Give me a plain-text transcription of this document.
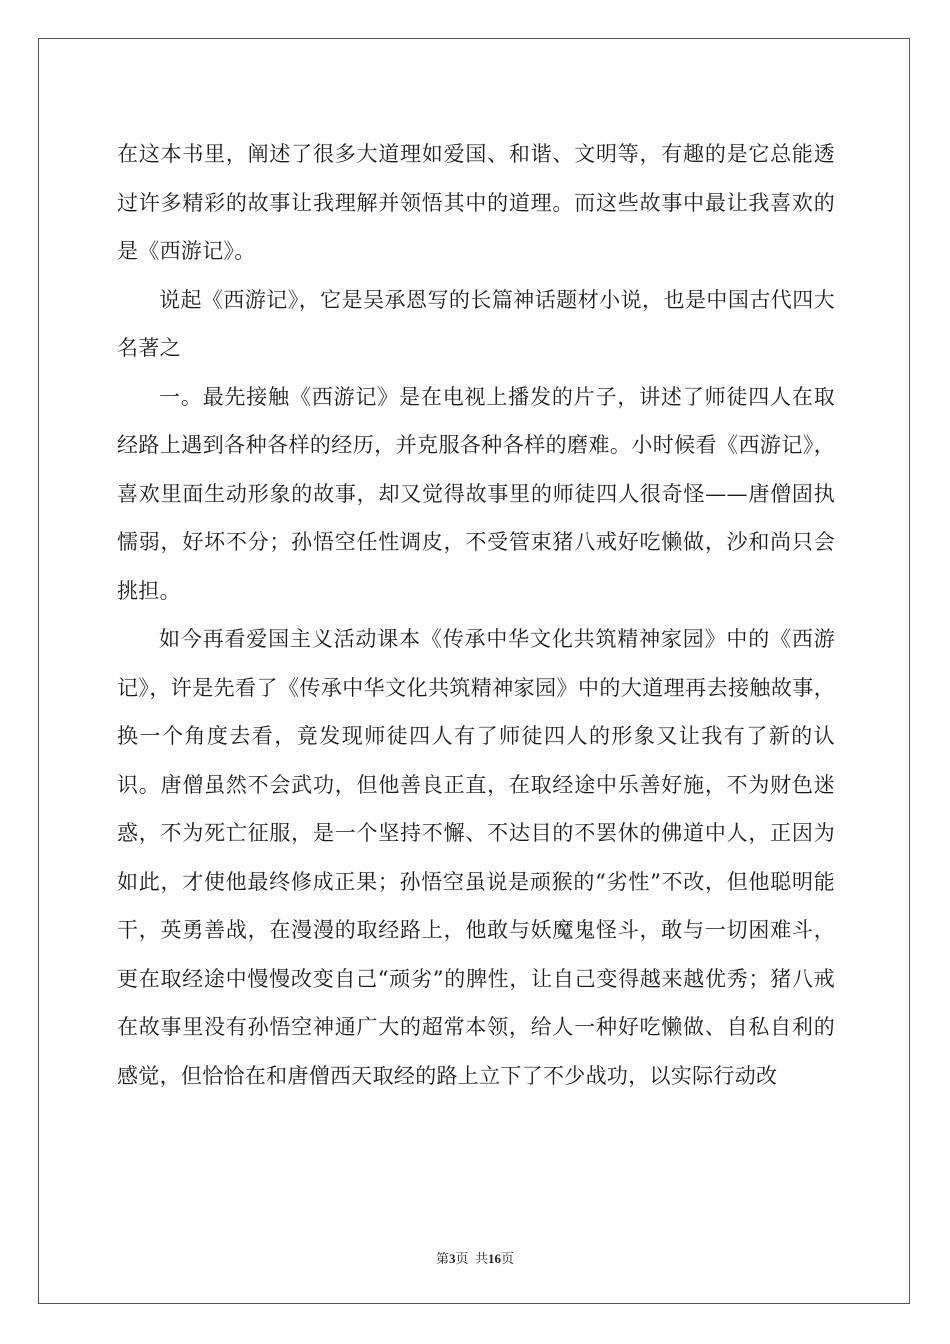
在这本书里，阐述了很多大道理如爱国、和谐、文明等，有趣的是它总能透过许多精彩的故事让我理解并领悟其中的道理。而这些故事中最让我喜欢的是《西游记》。

说起《西游记》，它是吴承恩写的长篇神话题材小说，也是中国古代四大名著之

一。最先接触《西游记》是在电视上播发的片子，讲述了师徒四人在取经路上遇到各种各样的经历，并克服各种各样的磨难。小时候看《西游记》，喜欢里面生动形象的故事，却又觉得故事里的师徒四人很奇怪——唐僧固执懦弱，好坏不分；孙悟空任性调皮，不受管束猪八戒好吃懒做，沙和尚只会挑担。

如今再看爱国主义活动课本《传承中华文化共筑精神家园》中的《西游记》，许是先看了《传承中华文化共筑精神家园》中的大道理再去接触故事，换一个角度去看，竟发现师徒四人有了师徒四人的形象又让我有了新的认识。唐僧虽然不会武功，但他善良正直，在取经途中乐善好施，不为财色迷惑，不为死亡征服，是一个坚持不懈、不达目的不罢休的佛道中人，正因为如此，才使他最终修成正果；孙悟空虽说是顽猴的“劣性”不改，但他聪明能干，英勇善战，在漫漫的取经路上，他敢与妖魔鬼怪斗，敢与一切困难斗，更在取经途中慢慢改变自己“顽劣”的脾性，让自己变得越来越优秀；猪八戒在故事里没有孙悟空神通广大的超常本领，给人一种好吃懒做、自私自利的感觉，但恰恰在和唐僧西天取经的路上立下了不少战功，以实际行动改

第3页  共16页
